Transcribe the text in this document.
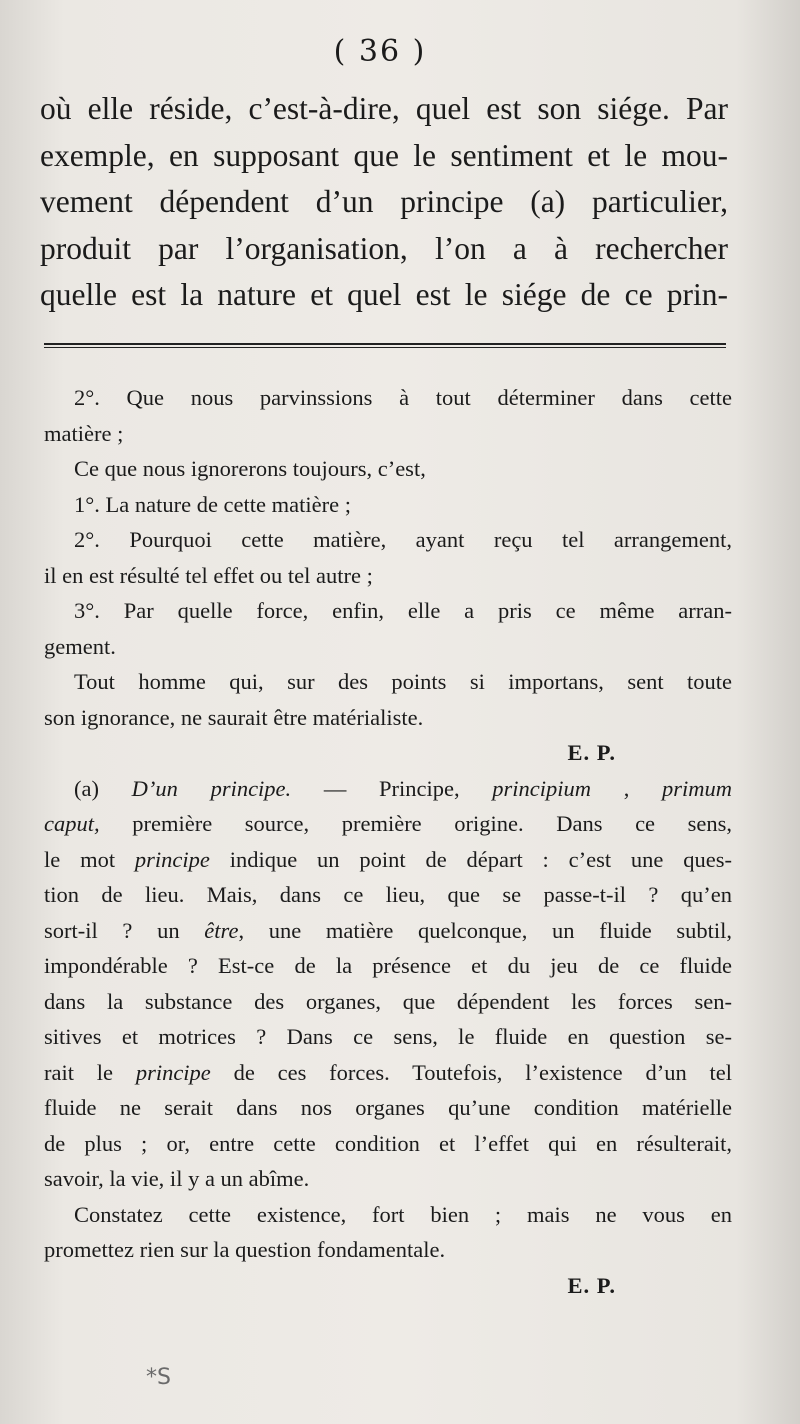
( 36 )
où elle réside, c’est-à-dire, quel est son siége. Par
exemple, en supposant que le sentiment et le mou-
vement dépendent d’un principe (a) particulier,
produit par l’organisation, l’on a à rechercher
quelle est la nature et quel est le siége de ce prin-
2°. Que nous parvinssions à tout déterminer dans cette
matière ;
Ce que nous ignorerons toujours, c’est,
1°. La nature de cette matière ;
2°. Pourquoi cette matière, ayant reçu tel arrangement,
il en est résulté tel effet ou tel autre ;
3°. Par quelle force, enfin, elle a pris ce même arran-
gement.
Tout homme qui, sur des points si importans, sent toute
son ignorance, ne saurait être matérialiste.
E. P.
(a) D’un principe. — Principe, principium , primum
caput, première source, première origine. Dans ce sens,
le mot principe indique un point de départ : c’est une ques-
tion de lieu. Mais, dans ce lieu, que se passe-t-il ? qu’en
sort-il ? un être, une matière quelconque, un fluide subtil,
impondérable ? Est-ce de la présence et du jeu de ce fluide
dans la substance des organes, que dépendent les forces sen-
sitives et motrices ? Dans ce sens, le fluide en question se-
rait le principe de ces forces. Toutefois, l’existence d’un tel
fluide ne serait dans nos organes qu’une condition matérielle
de plus ; or, entre cette condition et l’effet qui en résulterait,
savoir, la vie, il y a un abîme.
Constatez cette existence, fort bien ; mais ne vous en
promettez rien sur la question fondamentale.
E. P.
*S
